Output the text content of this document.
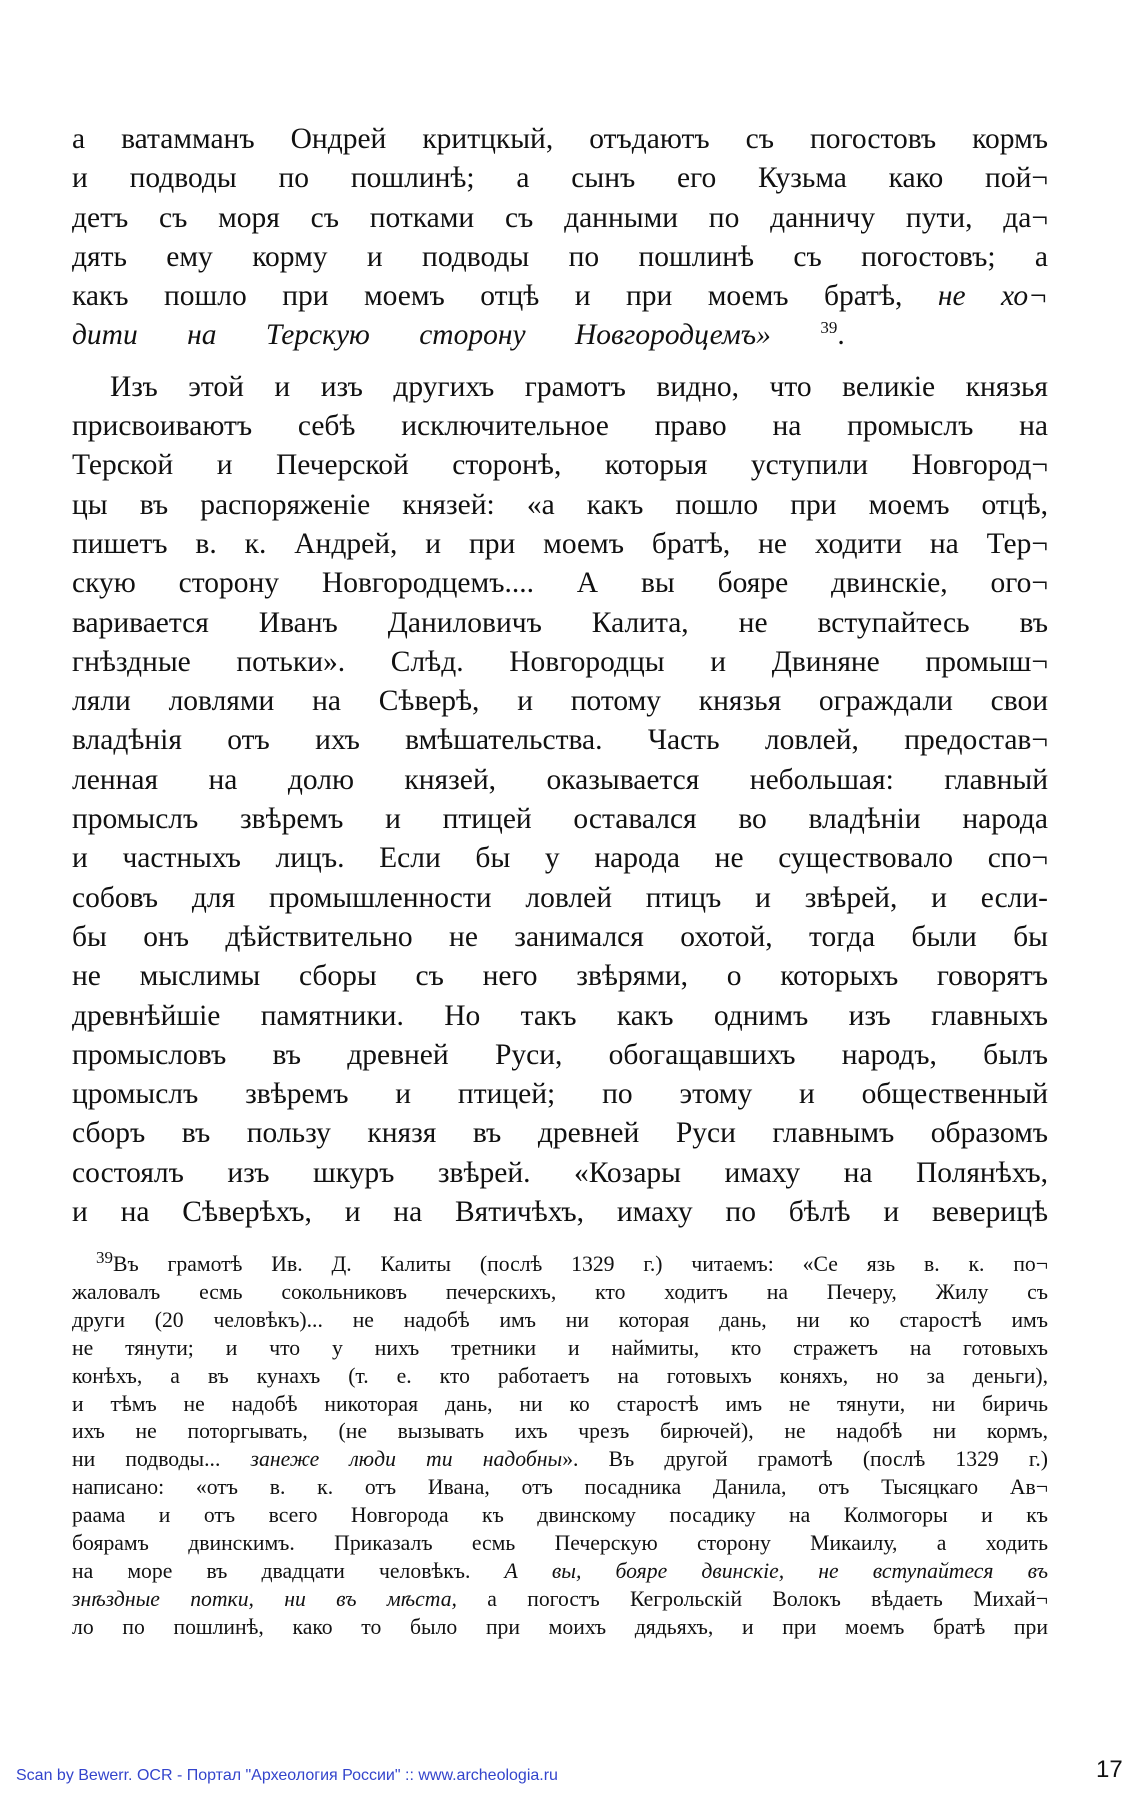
а ватамманъ Ондрей критцкый, отъдаютъ съ погостовъ кормъ

и подводы по пошлинѣ; а сынъ его Кузьма како пой¬

детъ съ моря съ потками съ данными по данничу пути, да¬

дять ему корму и подводы по пошлинѣ съ погостовъ; а

какъ пошло при моемъ отцѣ и при моемъ братѣ, не хо¬

дити на Терскую сторону Новгородцемъ»	$^{39}$.

Изъ этой и изъ другихъ грамотъ видно, что великіе князья

присвоиваютъ себѣ исключительное право на промыслъ на

Терской и Печерской сторонѣ, которыя уступили Новгород¬

цы въ распоряженіе князей: «а какъ пошло при моемъ отцѣ,

пишетъ в. к. Андрей, и при моемъ братѣ, не ходити на Тер¬

скую сторону Новгородцемъ.... А вы бояре двинскіе, ого¬

варивается Иванъ Даниловичъ Калита, не вступайтесь въ

гнѣздные потьки». Слѣд. Новгородцы и Двиняне промыш¬

ляли ловлями на Сѣверѣ, и потому князья ограждали свои

владѣнія отъ ихъ вмѣшательства. Часть ловлей, предостав¬

ленная на долю князей, оказывается небольшая: главный

промыслъ звѣремъ и птицей оставался во владѣніи народа

и частныхъ лицъ. Если бы у народа не существовало спо¬

собовъ для промышленности ловлей птицъ и звѣрей, и если-

бы онъ дѣйствительно не занимался охотой, тогда были бы

не мыслимы сборы съ него звѣрями, о которыхъ говорятъ

древнѣйшіе памятники. Но такъ какъ однимъ изъ главныхъ

промысловъ въ древней Руси, обогащавшихъ народъ, былъ

цромыслъ звѣремъ и птицей; по этому и общественный

сборъ въ пользу князя въ древней Руси главнымъ образомъ

состоялъ изъ шкуръ звѣрей. «Козары имаху на Полянѣхъ,

и на Сѣверѣхъ, и на Вятичѣхъ, имаху по бѣлѣ и веверицѣ

$^{39}$Въ грамотѣ Ив. Д. Калиты (послѣ 1329 г.) читаемъ: «Се язь в. к. по¬

жаловалъ есмь сокольниковъ печерскихъ, кто ходитъ на Печеру, Жилу съ

други (20 человѣкъ)... не надобѣ имъ ни которая дань, ни ко старостѣ имъ

не тянути; и что у нихъ третники и наймиты, кто стражетъ на готовыхъ

конѣхъ, а въ кунахъ (т. е. кто работаетъ на готовыхъ коняхъ, но за деньги),

и тѣмъ не надобѣ никоторая дань, ни ко старостѣ имъ не тянути, ни биричь

ихъ не поторгывать, (не вызывать ихъ чрезъ бирючей), не надобѣ ни кормъ,

ни подводы... занеже люди ти надобны». Въ другой грамотѣ (послѣ 1329 г.)

написано: «отъ в. к. отъ Ивана, отъ посадника Данила, отъ Тысяцкаго Ав¬

раама и отъ всего Новгорода къ двинскому посадику на Колмогоры и къ

боярамъ двинскимъ. Приказалъ есмь Печерскую сторону Микаилу, а ходить

на море въ двадцати человѣкъ. А вы, бояре двинскіе, не вступайтеся въ

знѣздные потки, ни въ мѣста, а погостъ Кегрольскій Волокъ вѣдаеть Михай¬

ло по пошлинѣ, како то было при моихъ дядьяхъ, и при моемъ братѣ при

Scan by Bewerr. OCR - Портал "Археология России" :: www.archeologia.ru	17
